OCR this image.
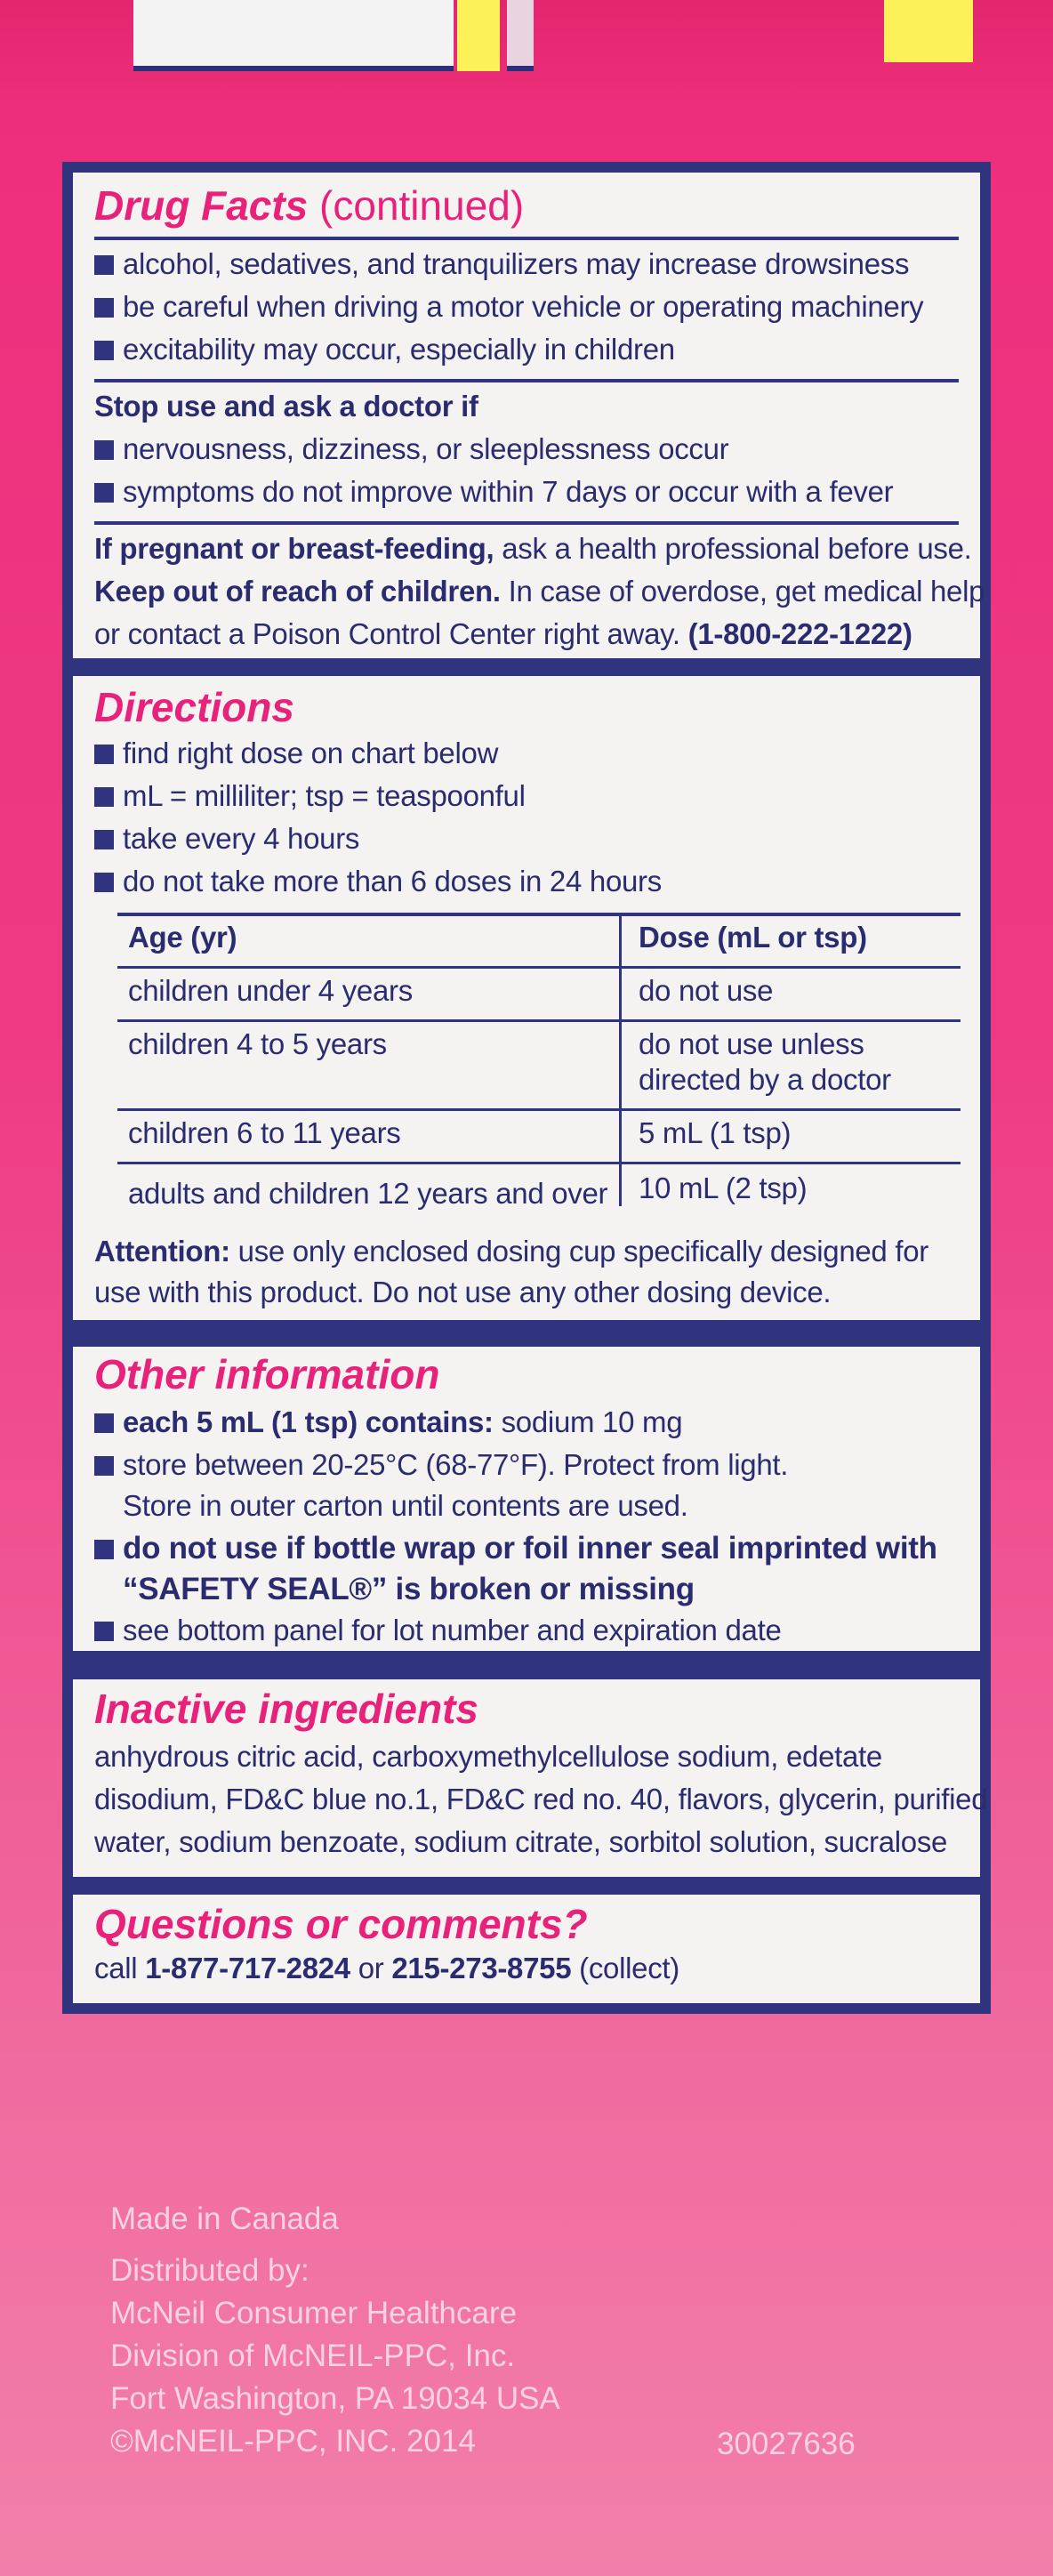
Drug Facts (continued)
alcohol, sedatives, and tranquilizers may increase drowsiness
be careful when driving a motor vehicle or operating machinery
excitability may occur, especially in children
Stop use and ask a doctor if
nervousness, dizziness, or sleeplessness occur
symptoms do not improve within 7 days or occur with a fever
If pregnant or breast-feeding, ask a health professional before use.
Keep out of reach of children. In case of overdose, get medical help
or contact a Poison Control Center right away. (1-800-222-1222)
Directions
find right dose on chart below
mL = milliliter; tsp = teaspoonful
take every 4 hours
do not take more than 6 doses in 24 hours
Age (yr)	Dose (mL or tsp)
children under 4 years	do not use
children 4 to 5 years	do not use unless
directed by a doctor
children 6 to 11 years	5 mL (1 tsp)
adults and children 12 years and over 10 mL (2 tsp)
Attention: use only enclosed dosing cup specifically designed for
use with this product. Do not use any other dosing device.
Other information
each 5 mL (1 tsp) contains: sodium 10 mg
store between 20-25°C (68-77°F). Protect from light.
Store in outer carton until contents are used.
do not use if bottle wrap or foil inner seal imprinted with
“SAFETY SEAL®” is broken or missing
see bottom panel for lot number and expiration date
Inactive ingredients
anhydrous citric acid, carboxymethylcellulose sodium, edetate
disodium, FD&C blue no.1, FD&C red no. 40, flavors, glycerin, purified
water, sodium benzoate, sodium citrate, sorbitol solution, sucralose
Questions or comments?
call 1-877-717-2824 or 215-273-8755 (collect)
Made in Canada
Distributed by:
McNeil Consumer Healthcare
Division of McNEIL-PPC, Inc.
Fort Washington, PA 19034 USA
©McNEIL-PPC, INC. 2014	30027636
